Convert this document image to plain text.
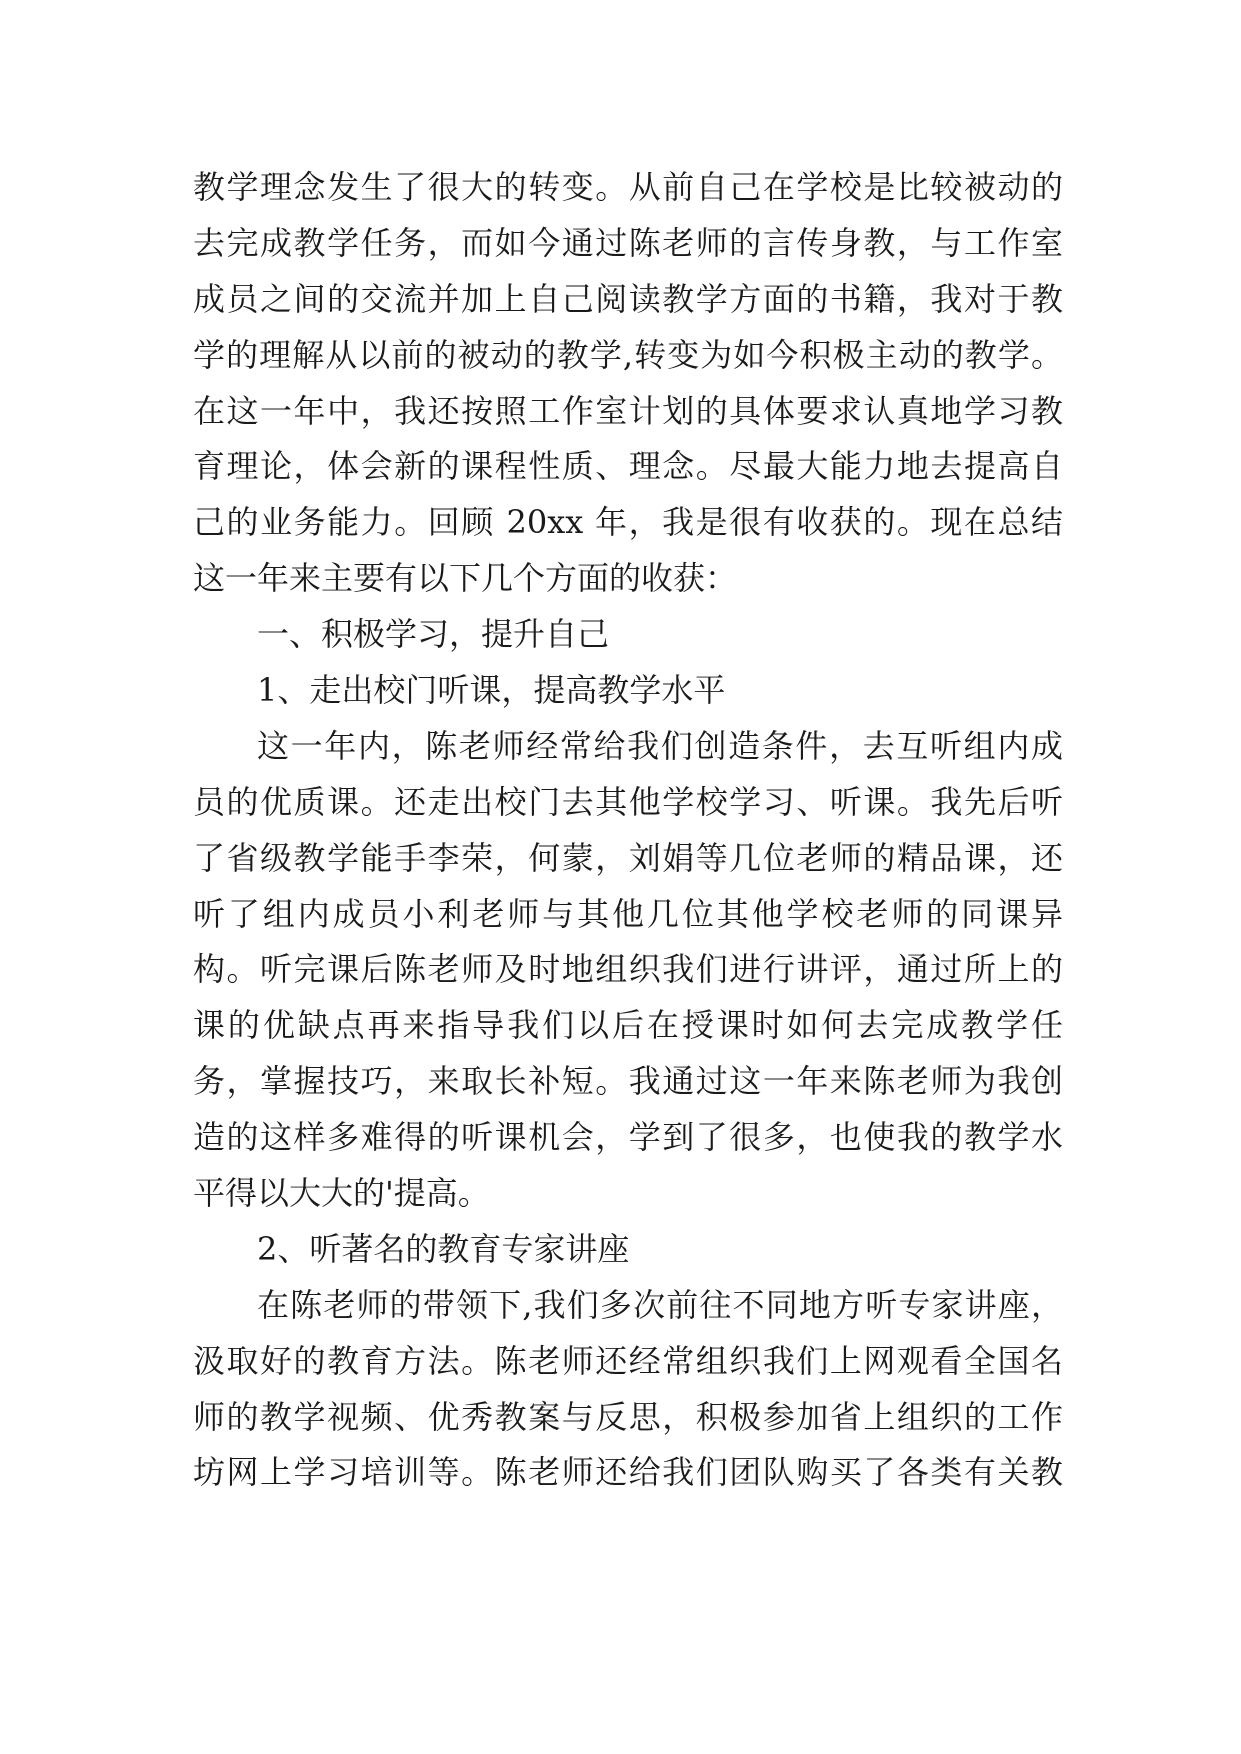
教学理念发生了很大的转变。从前自己在学校是比较被动的
去完成教学任务，而如今通过陈老师的言传身教，与工作室
成员之间的交流并加上自己阅读教学方面的书籍，我对于教
学的理解从以前的被动的教学,转变为如今积极主动的教学。
在这一年中，我还按照工作室计划的具体要求认真地学习教
育理论，体会新的课程性质、理念。尽最大能力地去提高自
己的业务能力。回顾 20xx 年，我是很有收获的。现在总结
这一年来主要有以下几个方面的收获：
一、积极学习，提升自己
1、走出校门听课，提高教学水平
这一年内，陈老师经常给我们创造条件，去互听组内成
员的优质课。还走出校门去其他学校学习、听课。我先后听
了省级教学能手李荣，何蒙，刘娟等几位老师的精品课，还
听了组内成员小利老师与其他几位其他学校老师的同课异
构。听完课后陈老师及时地组织我们进行讲评，通过所上的
课的优缺点再来指导我们以后在授课时如何去完成教学任
务，掌握技巧，来取长补短。我通过这一年来陈老师为我创
造的这样多难得的听课机会，学到了很多，也使我的教学水
平得以大大的'提高。
2、听著名的教育专家讲座
在陈老师的带领下,我们多次前往不同地方听专家讲座，
汲取好的教育方法。陈老师还经常组织我们上网观看全国名
师的教学视频、优秀教案与反思，积极参加省上组织的工作
坊网上学习培训等。陈老师还给我们团队购买了各类有关教
